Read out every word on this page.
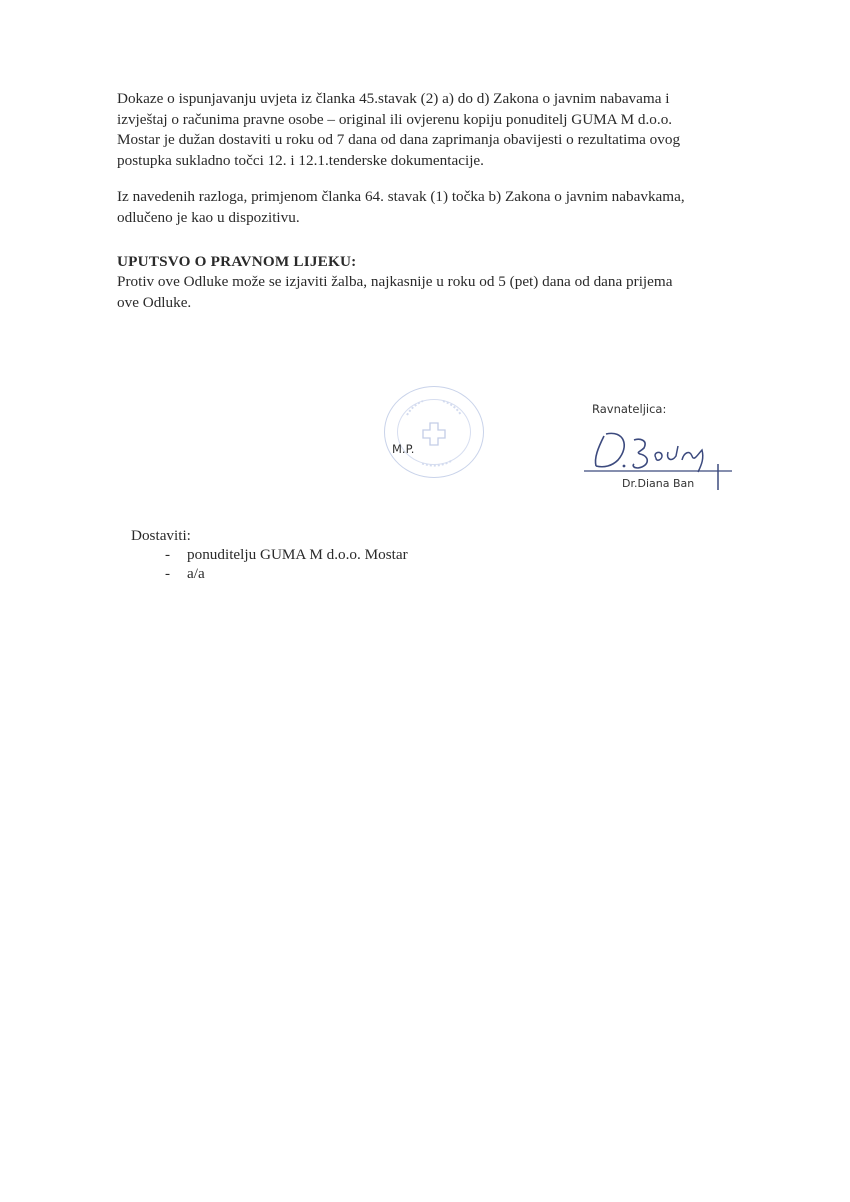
Dokaze o ispunjavanju uvjeta iz članka 45.stavak (2) a) do d) Zakona o javnim nabavama i
izvještaj o računima pravne osobe – original ili ovjerenu kopiju ponuditelj GUMA M d.o.o.
Mostar je dužan dostaviti u roku od 7 dana od dana zaprimanja obavijesti o rezultatima ovog
postupka sukladno točci 12. i 12.1.tenderske dokumentacije.
Iz navedenih razloga, primjenom članka 64. stavak (1) točka b) Zakona o javnim nabavkama,
odlučeno je kao u dispozitivu.
UPUTSVO O PRAVNOM LIJEKU:
Protiv ove Odluke može se izjaviti žalba, najkasnije u roku od 5 (pet) dana od dana prijema
ove Odluke.
M.P.
Ravnateljica:
Dr.Diana Ban
Dostaviti:
-	ponuditelju GUMA M d.o.o. Mostar
-	a/a
